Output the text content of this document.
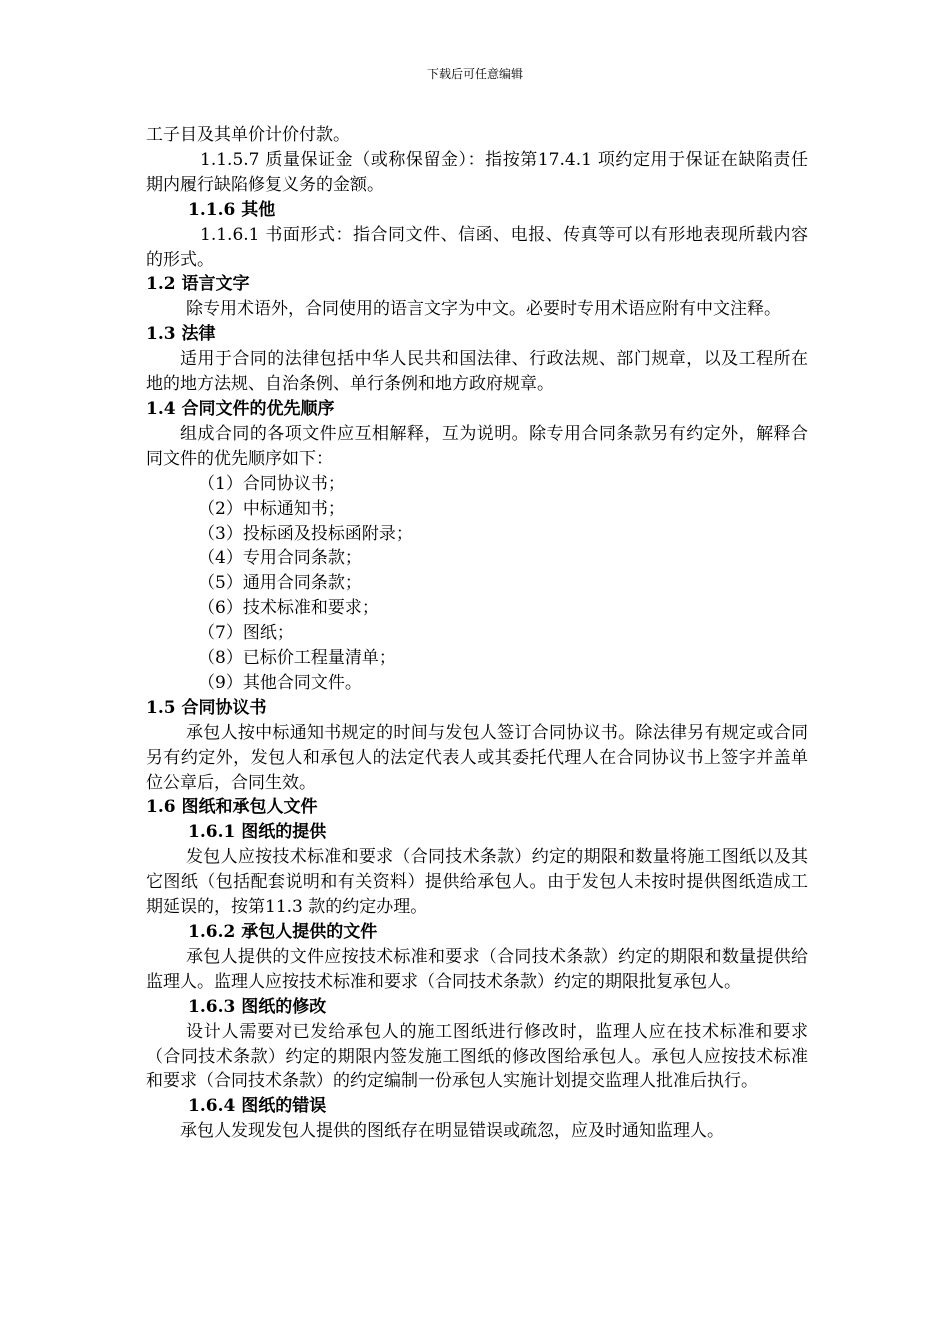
下载后可任意编辑

工子目及其单价计价付款。

1.1.5.7 质量保证金（或称保留金）：指按第17.4.1 项约定用于保证在缺陷责任期内履行缺陷修复义务的金额。

1.1.6 其他

1.1.6.1 书面形式：指合同文件、信函、电报、传真等可以有形地表现所载内容的形式。

1.2 语言文字

除专用术语外，合同使用的语言文字为中文。必要时专用术语应附有中文注释。

1.3 法律

适用于合同的法律包括中华人民共和国法律、行政法规、部门规章，以及工程所在地的地方法规、自治条例、单行条例和地方政府规章。

1.4 合同文件的优先顺序

组成合同的各项文件应互相解释，互为说明。除专用合同条款另有约定外，解释合同文件的优先顺序如下：

（1）合同协议书；

（2）中标通知书；

（3）投标函及投标函附录；

（4）专用合同条款；

（5）通用合同条款；

（6）技术标准和要求；

（7）图纸；

（8）已标价工程量清单；

（9）其他合同文件。

1.5 合同协议书

承包人按中标通知书规定的时间与发包人签订合同协议书。除法律另有规定或合同另有约定外，发包人和承包人的法定代表人或其委托代理人在合同协议书上签字并盖单位公章后，合同生效。

1.6 图纸和承包人文件

1.6.1 图纸的提供

发包人应按技术标准和要求（合同技术条款）约定的期限和数量将施工图纸以及其它图纸（包括配套说明和有关资料）提供给承包人。由于发包人未按时提供图纸造成工期延误的，按第11.3 款的约定办理。

1.6.2 承包人提供的文件

承包人提供的文件应按技术标准和要求（合同技术条款）约定的期限和数量提供给监理人。监理人应按技术标准和要求（合同技术条款）约定的期限批复承包人。

1.6.3 图纸的修改

设计人需要对已发给承包人的施工图纸进行修改时，监理人应在技术标准和要求（合同技术条款）约定的期限内签发施工图纸的修改图给承包人。承包人应按技术标准和要求（合同技术条款）的约定编制一份承包人实施计划提交监理人批准后执行。

1.6.4 图纸的错误

承包人发现发包人提供的图纸存在明显错误或疏忽，应及时通知监理人。
